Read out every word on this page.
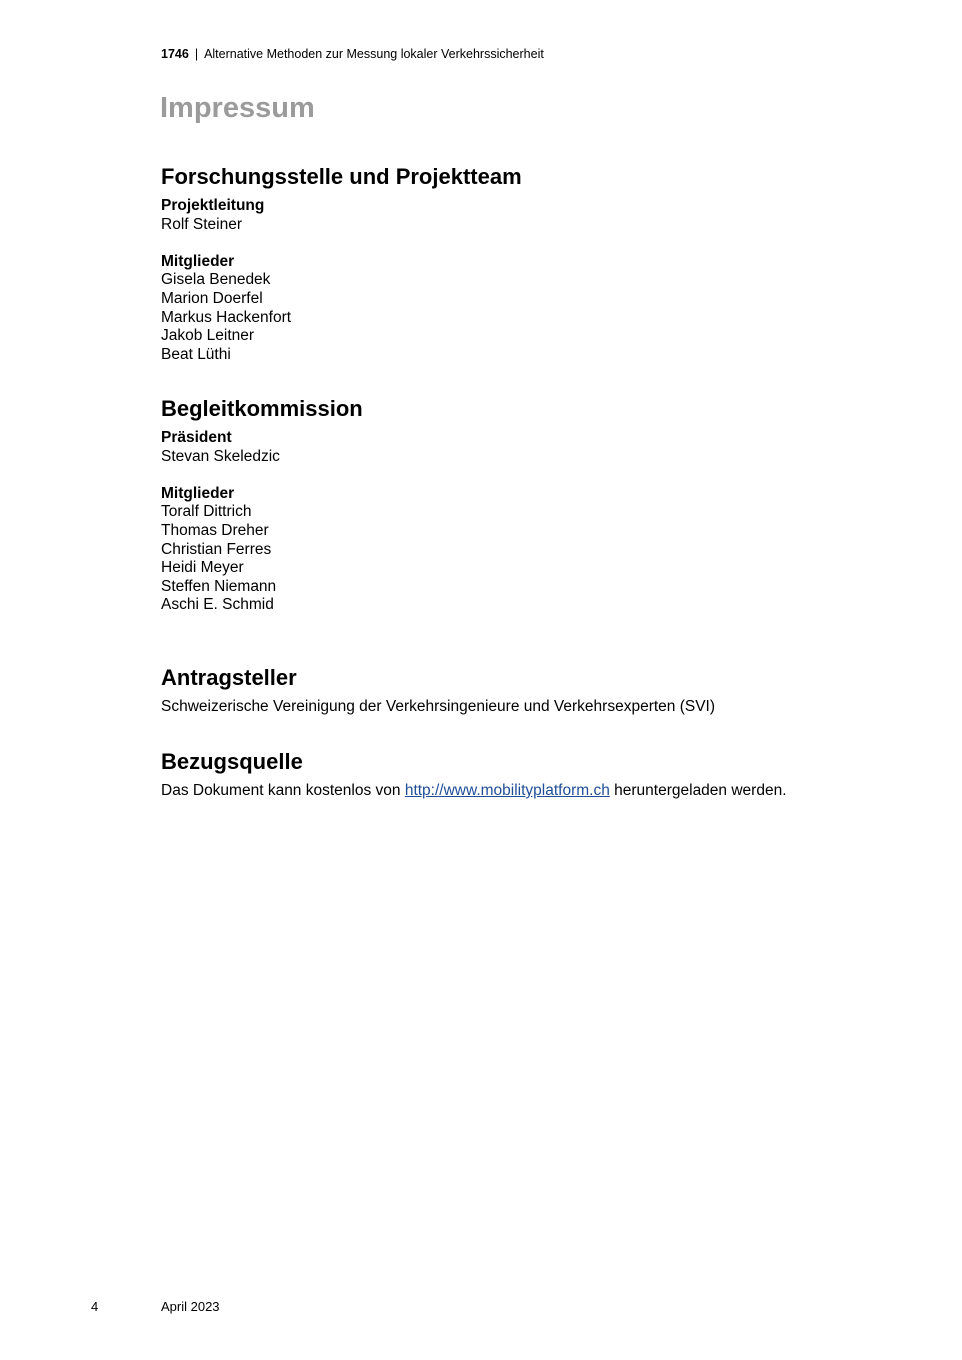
1746 | Alternative Methoden zur Messung lokaler Verkehrssicherheit
Impressum
Forschungsstelle und Projektteam
Projektleitung
Rolf Steiner
Mitglieder
Gisela Benedek
Marion Doerfel
Markus Hackenfort
Jakob Leitner
Beat Lüthi
Begleitkommission
Präsident
Stevan Skeledzic
Mitglieder
Toralf Dittrich
Thomas Dreher
Christian Ferres
Heidi Meyer
Steffen Niemann
Aschi E. Schmid
Antragsteller
Schweizerische Vereinigung der Verkehrsingenieure und Verkehrsexperten (SVI)
Bezugsquelle
Das Dokument kann kostenlos von http://www.mobilityplatform.ch heruntergeladen werden.
4	April 2023
